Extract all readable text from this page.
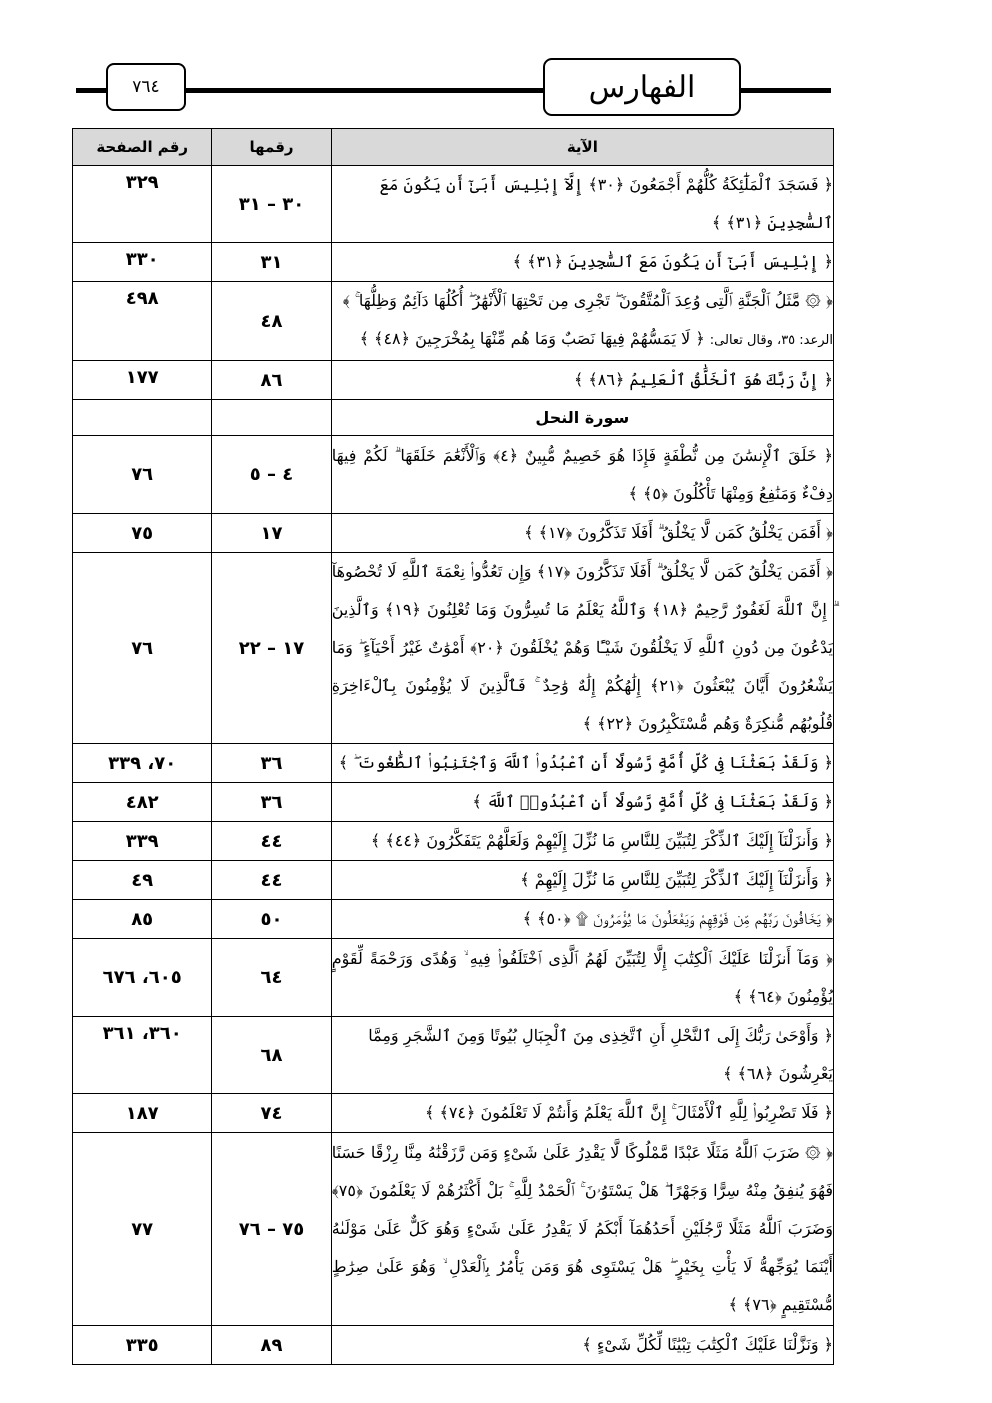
٧٦٤	الفهارس
الآية	رقمها	رقم الصفحة
﴿ فَسَجَدَ ٱلْمَلَٰٓئِكَةُ كُلُّهُمْ أَجْمَعُونَ ﴿٣٠﴾ إِلَّآ إِبْلِيسَ أَبَىٰٓ أَن يَكُونَ مَعَ ٱلسَّٰجِدِينَ ﴿٣١﴾ ﴾	٣٠ – ٣١	٣٢٩
﴿ إِبْلِيسَ أَبَىٰٓ أَن يَكُونَ مَعَ ٱلسَّٰجِدِينَ ﴿٣١﴾ ﴾	٣١	٣٣٠

﴿ ۞ مَّثَلُ ٱلْجَنَّةِ ٱلَّتِى وُعِدَ ٱلْمُتَّقُونَ ۖ تَجْرِى مِن تَحْتِهَا ٱلْأَنْهَٰرُ ۖ أُكُلُهَا دَآئِمٌ وَظِلُّهَا ۚ ﴾
الرعد: ٣٥، وقال تعالى: ﴿ لَا يَمَسُّهُمْ فِيهَا نَصَبٌ وَمَا هُم مِّنْهَا بِمُخْرَجِينَ ﴿٤٨﴾ ﴾	٤٨	٤٩٨
﴿ إِنَّ رَبَّكَ هُوَ ٱلْخَلَّٰقُ ٱلْعَلِيمُ ﴿٨٦﴾ ﴾	٨٦	١٧٧
سورة النحل		
﴿ خَلَقَ ٱلْإِنسَٰنَ مِن نُّطْفَةٍ فَإِذَا هُوَ خَصِيمٌ مُّبِينٌ ﴿٤﴾ وَٱلْأَنْعَٰمَ خَلَقَهَا ۗ لَكُمْ فِيهَا دِفْءٌ وَمَنَٰفِعُ وَمِنْهَا تَأْكُلُونَ ﴿٥﴾ ﴾	٤ – ٥	٧٦
﴿ أَفَمَن يَخْلُقُ كَمَن لَّا يَخْلُقُ ۗ أَفَلَا تَذَكَّرُونَ ﴿١٧﴾ ﴾	١٧	٧٥
﴿ أَفَمَن يَخْلُقُ كَمَن لَّا يَخْلُقُ ۗ أَفَلَا تَذَكَّرُونَ ﴿١٧﴾ وَإِن تَعُدُّوا۟ نِعْمَةَ ٱللَّهِ لَا تُحْصُوهَآ ۗ إِنَّ ٱللَّهَ لَغَفُورٌ رَّحِيمٌ ﴿١٨﴾ وَٱللَّهُ يَعْلَمُ مَا تُسِرُّونَ وَمَا تُعْلِنُونَ ﴿١٩﴾ وَٱلَّذِينَ يَدْعُونَ مِن دُونِ ٱللَّهِ لَا يَخْلُقُونَ شَيْـًٔا وَهُمْ يُخْلَقُونَ ﴿٢٠﴾ أَمْوَٰتٌ غَيْرُ أَحْيَآءٍ ۖ وَمَا يَشْعُرُونَ أَيَّانَ يُبْعَثُونَ ﴿٢١﴾ إِلَٰهُكُمْ إِلَٰهٌ وَٰحِدٌ ۚ فَٱلَّذِينَ لَا يُؤْمِنُونَ بِٱلْءَاخِرَةِ قُلُوبُهُم مُّنكِرَةٌ وَهُم مُّسْتَكْبِرُونَ ﴿٢٢﴾ ﴾	١٧ – ٢٢	٧٦
﴿ وَلَقَدْ بَعَثْنَا فِى كُلِّ أُمَّةٍ رَّسُولًا أَنِ ٱعْبُدُوا۟ ٱللَّهَ وَٱجْتَنِبُوا۟ ٱلطَّٰغُوتَ ۖ ﴾	٣٦	٧٠، ٣٣٩
﴿ وَلَقَدْ بَعَثْنَا فِى كُلِّ أُمَّةٍ رَّسُولًا أَنِ ٱعْبُدُوا۟ ٱللَّهَ ﴾	٣٦	٤٨٢
﴿ وَأَنزَلْنَآ إِلَيْكَ ٱلذِّكْرَ لِتُبَيِّنَ لِلنَّاسِ مَا نُزِّلَ إِلَيْهِمْ وَلَعَلَّهُمْ يَتَفَكَّرُونَ ﴿٤٤﴾ ﴾	٤٤	٣٣٩
﴿ وَأَنزَلْنَآ إِلَيْكَ ٱلذِّكْرَ لِتُبَيِّنَ لِلنَّاسِ مَا نُزِّلَ إِلَيْهِمْ ﴾	٤٤	٤٩
﴿ يَخَافُونَ رَبَّهُم مِّن فَوْقِهِمْ وَيَفْعَلُونَ مَا يُؤْمَرُونَ ۩ ﴿٥٠﴾ ﴾	٥٠	٨٥
﴿ وَمَآ أَنزَلْنَا عَلَيْكَ ٱلْكِتَٰبَ إِلَّا لِتُبَيِّنَ لَهُمُ ٱلَّذِى ٱخْتَلَفُوا۟ فِيهِ ۙ وَهُدًى وَرَحْمَةً لِّقَوْمٍ يُؤْمِنُونَ ﴿٦٤﴾ ﴾	٦٤	٦٠٥، ٦٧٦
﴿ وَأَوْحَىٰ رَبُّكَ إِلَى ٱلنَّحْلِ أَنِ ٱتَّخِذِى مِنَ ٱلْجِبَالِ بُيُوتًا وَمِنَ ٱلشَّجَرِ وَمِمَّا يَعْرِشُونَ ﴿٦٨﴾ ﴾	٦٨	٣٦٠، ٣٦١
﴿ فَلَا تَضْرِبُوا۟ لِلَّهِ ٱلْأَمْثَالَ ۚ إِنَّ ٱللَّهَ يَعْلَمُ وَأَنتُمْ لَا تَعْلَمُونَ ﴿٧٤﴾ ﴾	٧٤	١٨٧
﴿ ۞ ضَرَبَ ٱللَّهُ مَثَلًا عَبْدًا مَّمْلُوكًا لَّا يَقْدِرُ عَلَىٰ شَىْءٍ وَمَن رَّزَقْنَٰهُ مِنَّا رِزْقًا حَسَنًا فَهُوَ يُنفِقُ مِنْهُ سِرًّا وَجَهْرًا ۖ هَلْ يَسْتَوُۥنَ ۚ ٱلْحَمْدُ لِلَّهِ ۚ بَلْ أَكْثَرُهُمْ لَا يَعْلَمُونَ ﴿٧٥﴾ وَضَرَبَ ٱللَّهُ مَثَلًا رَّجُلَيْنِ أَحَدُهُمَآ أَبْكَمُ لَا يَقْدِرُ عَلَىٰ شَىْءٍ وَهُوَ كَلٌّ عَلَىٰ مَوْلَىٰهُ أَيْنَمَا يُوَجِّههُّ لَا يَأْتِ بِخَيْرٍ ۖ هَلْ يَسْتَوِى هُوَ وَمَن يَأْمُرُ بِٱلْعَدْلِ ۙ وَهُوَ عَلَىٰ صِرَٰطٍ مُّسْتَقِيمٍ ﴿٧٦﴾ ﴾	٧٥ – ٧٦	٧٧
﴿ وَنَزَّلْنَا عَلَيْكَ ٱلْكِتَٰبَ تِبْيَٰنًا لِّكُلِّ شَىْءٍ ﴾	٨٩	٣٣٥
